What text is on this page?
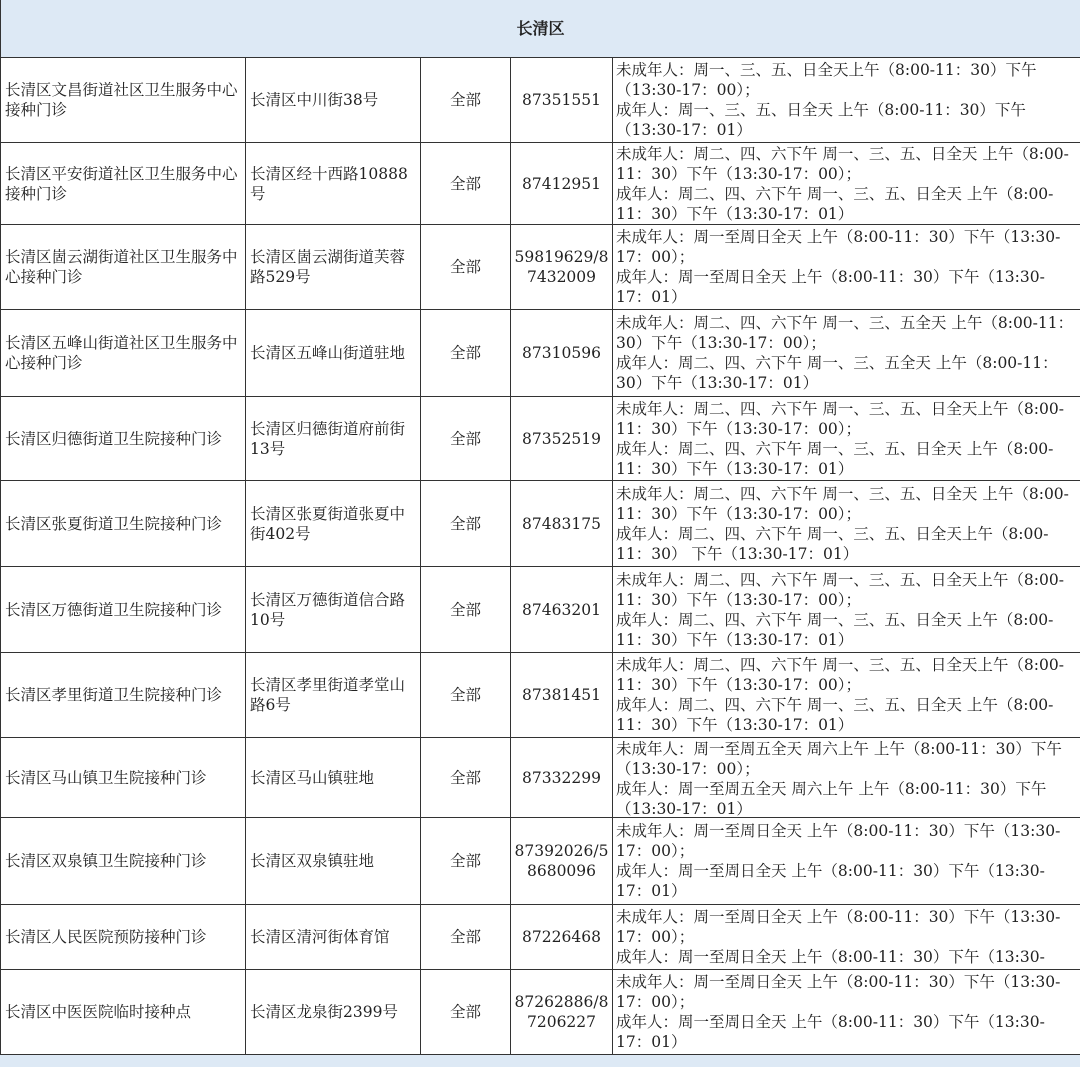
长清区				
长清区文昌街道社区卫生服务中心接种门诊	长清区中川街38号	全部	87351551	未成年人：周一、三、五、日全天上午（8:00-11：30）下午（13:30-17：00）；
成年人：周一、三、五、日全天 上午（8:00-11：30）下午（13:30-17：01）

长清区平安街道社区卫生服务中心接种门诊	长清区经十西路10888号	全部	87412951	未成年人：周二、四、六下午 周一、三、五、日全天 上午（8:00-11：30）下午（13:30-17：00）；
成年人：周二、四、六下午 周一、三、五、日全天 上午（8:00-11：30）下午（13:30-17：01）

长清区崮云湖街道社区卫生服务中心接种门诊	长清区崮云湖街道芙蓉路529号	全部	59819629/87432009	未成年人：周一至周日全天 上午（8:00-11：30）下午（13:30-17：00）；
成年人：周一至周日全天 上午（8:00-11：30）下午（13:30-17：01）

长清区五峰山街道社区卫生服务中心接种门诊	长清区五峰山街道驻地	全部	87310596	未成年人：周二、四、六下午 周一、三、五全天 上午（8:00-11：30）下午（13:30-17：00）；
成年人：周二、四、六下午 周一、三、五全天 上午（8:00-11：30）下午（13:30-17：01）

长清区归德街道卫生院接种门诊	长清区归德街道府前街13号	全部	87352519	未成年人：周二、四、六下午 周一、三、五、日全天上午（8:00-11：30）下午（13:30-17：00）；
成年人：周二、四、六下午 周一、三、五、日全天 上午（8:00-11：30）下午（13:30-17：01）

长清区张夏街道卫生院接种门诊	长清区张夏街道张夏中街402号	全部	87483175	未成年人：周二、四、六下午 周一、三、五、日全天 上午（8:00-11：30）下午（13:30-17：00）；
成年人：周二、四、六下午 周一、三、五、日全天上午（8:00-11：30） 下午（13:30-17：01）

长清区万德街道卫生院接种门诊	长清区万德街道信合路10号	全部	87463201	未成年人：周二、四、六下午 周一、三、五、日全天上午（8:00-11：30）下午（13:30-17：00）；
成年人：周二、四、六下午 周一、三、五、日全天 上午（8:00-11：30）下午（13:30-17：01）

长清区孝里街道卫生院接种门诊	长清区孝里街道孝堂山路6号	全部	87381451	未成年人：周二、四、六下午 周一、三、五、日全天上午（8:00-11：30）下午（13:30-17：00）；
成年人：周二、四、六下午 周一、三、五、日全天 上午（8:00-11：30）下午（13:30-17：01）

长清区马山镇卫生院接种门诊	长清区马山镇驻地	全部	87332299	未成年人：周一至周五全天 周六上午 上午（8:00-11：30）下午（13:30-17：00）；
成年人：周一至周五全天 周六上午 上午（8:00-11：30）下午（13:30-17：01）

长清区双泉镇卫生院接种门诊	长清区双泉镇驻地	全部	87392026/58680096	未成年人：周一至周日全天 上午（8:00-11：30）下午（13:30-17：00）；
成年人：周一至周日全天 上午（8:00-11：30）下午（13:30-17：01）

长清区人民医院预防接种门诊	长清区清河街体育馆	全部	87226468	未成年人：周一至周日全天 上午（8:00-11：30）下午（13:30-17：00）；
成年人：周一至周日全天 上午（8:00-11：30）下午（13:30-

长清区中医医院临时接种点	长清区龙泉街2399号	全部	87262886/87206227	未成年人：周一至周日全天 上午（8:00-11：30）下午（13:30-17：00）；
成年人：周一至周日全天 上午（8:00-11：30）下午（13:30-17：01）
